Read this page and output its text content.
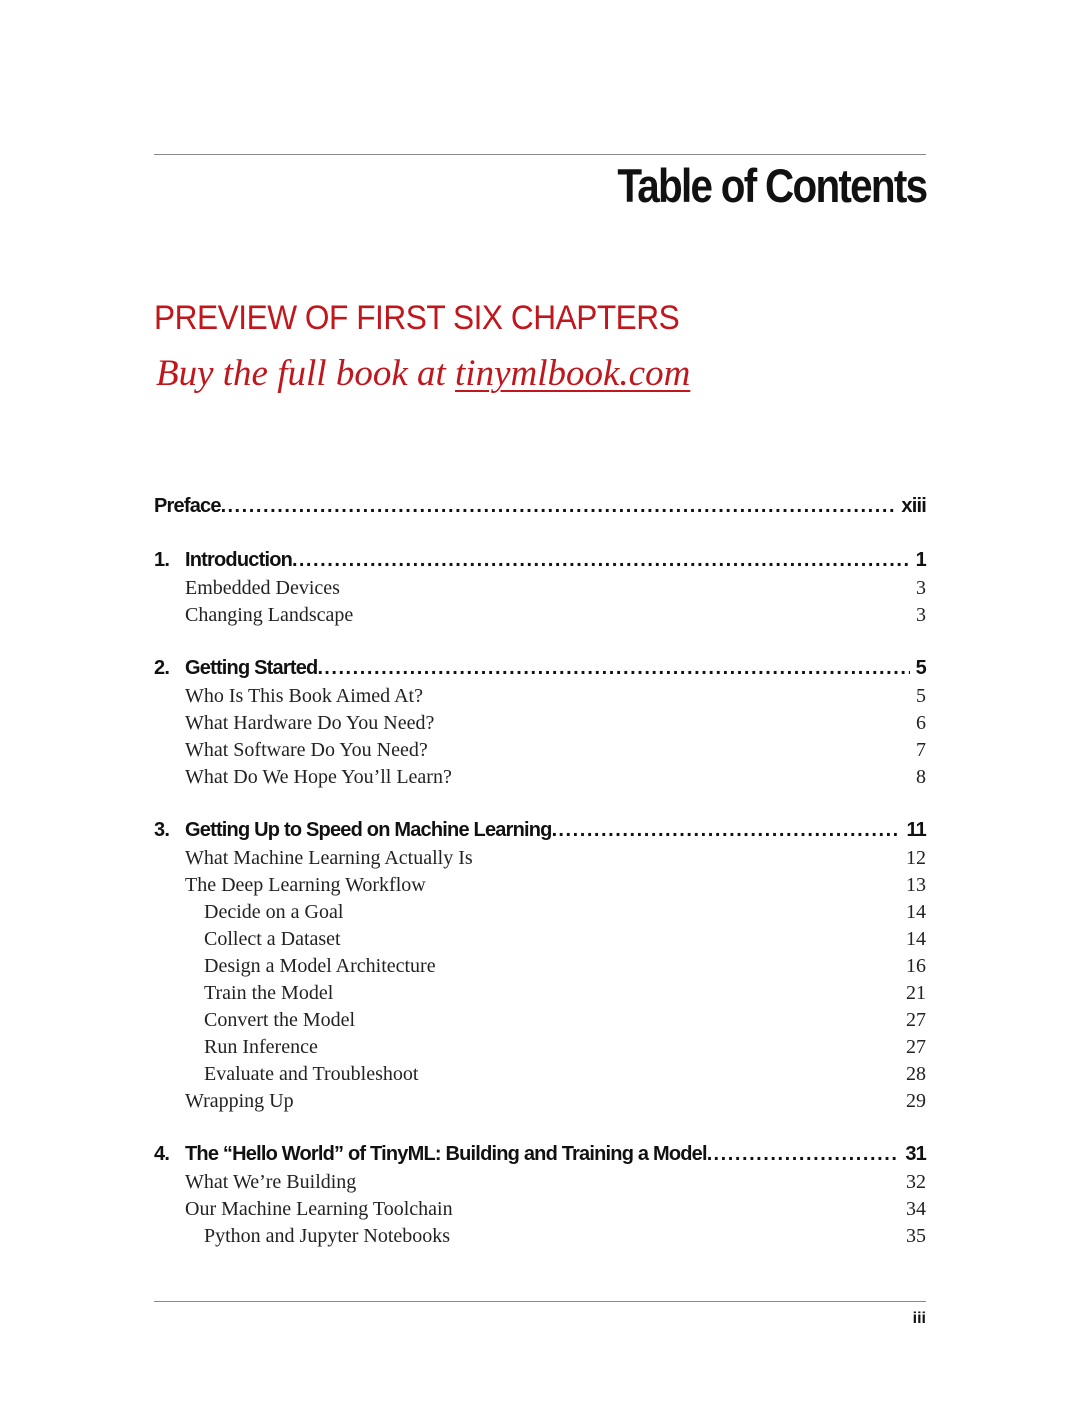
Table of Contents
PREVIEW OF FIRST SIX CHAPTERS
Buy the full book at tinymlbook.com
Preface. . . .	xiii
1. Introduction. . . .	1
Embedded Devices	3
Changing Landscape	3
2. Getting Started. . . .	5
Who Is This Book Aimed At?	5
What Hardware Do You Need?	6
What Software Do You Need?	7
What Do We Hope You’ll Learn?	8
3. Getting Up to Speed on Machine Learning. . . .	11
What Machine Learning Actually Is	12
The Deep Learning Workflow	13
Decide on a Goal	14
Collect a Dataset	14
Design a Model Architecture	16
Train the Model	21
Convert the Model	27
Run Inference	27
Evaluate and Troubleshoot	28
Wrapping Up	29
4. The “Hello World” of TinyML: Building and Training a Model. . . .	31
What We’re Building	32
Our Machine Learning Toolchain	34
Python and Jupyter Notebooks	35
iii
